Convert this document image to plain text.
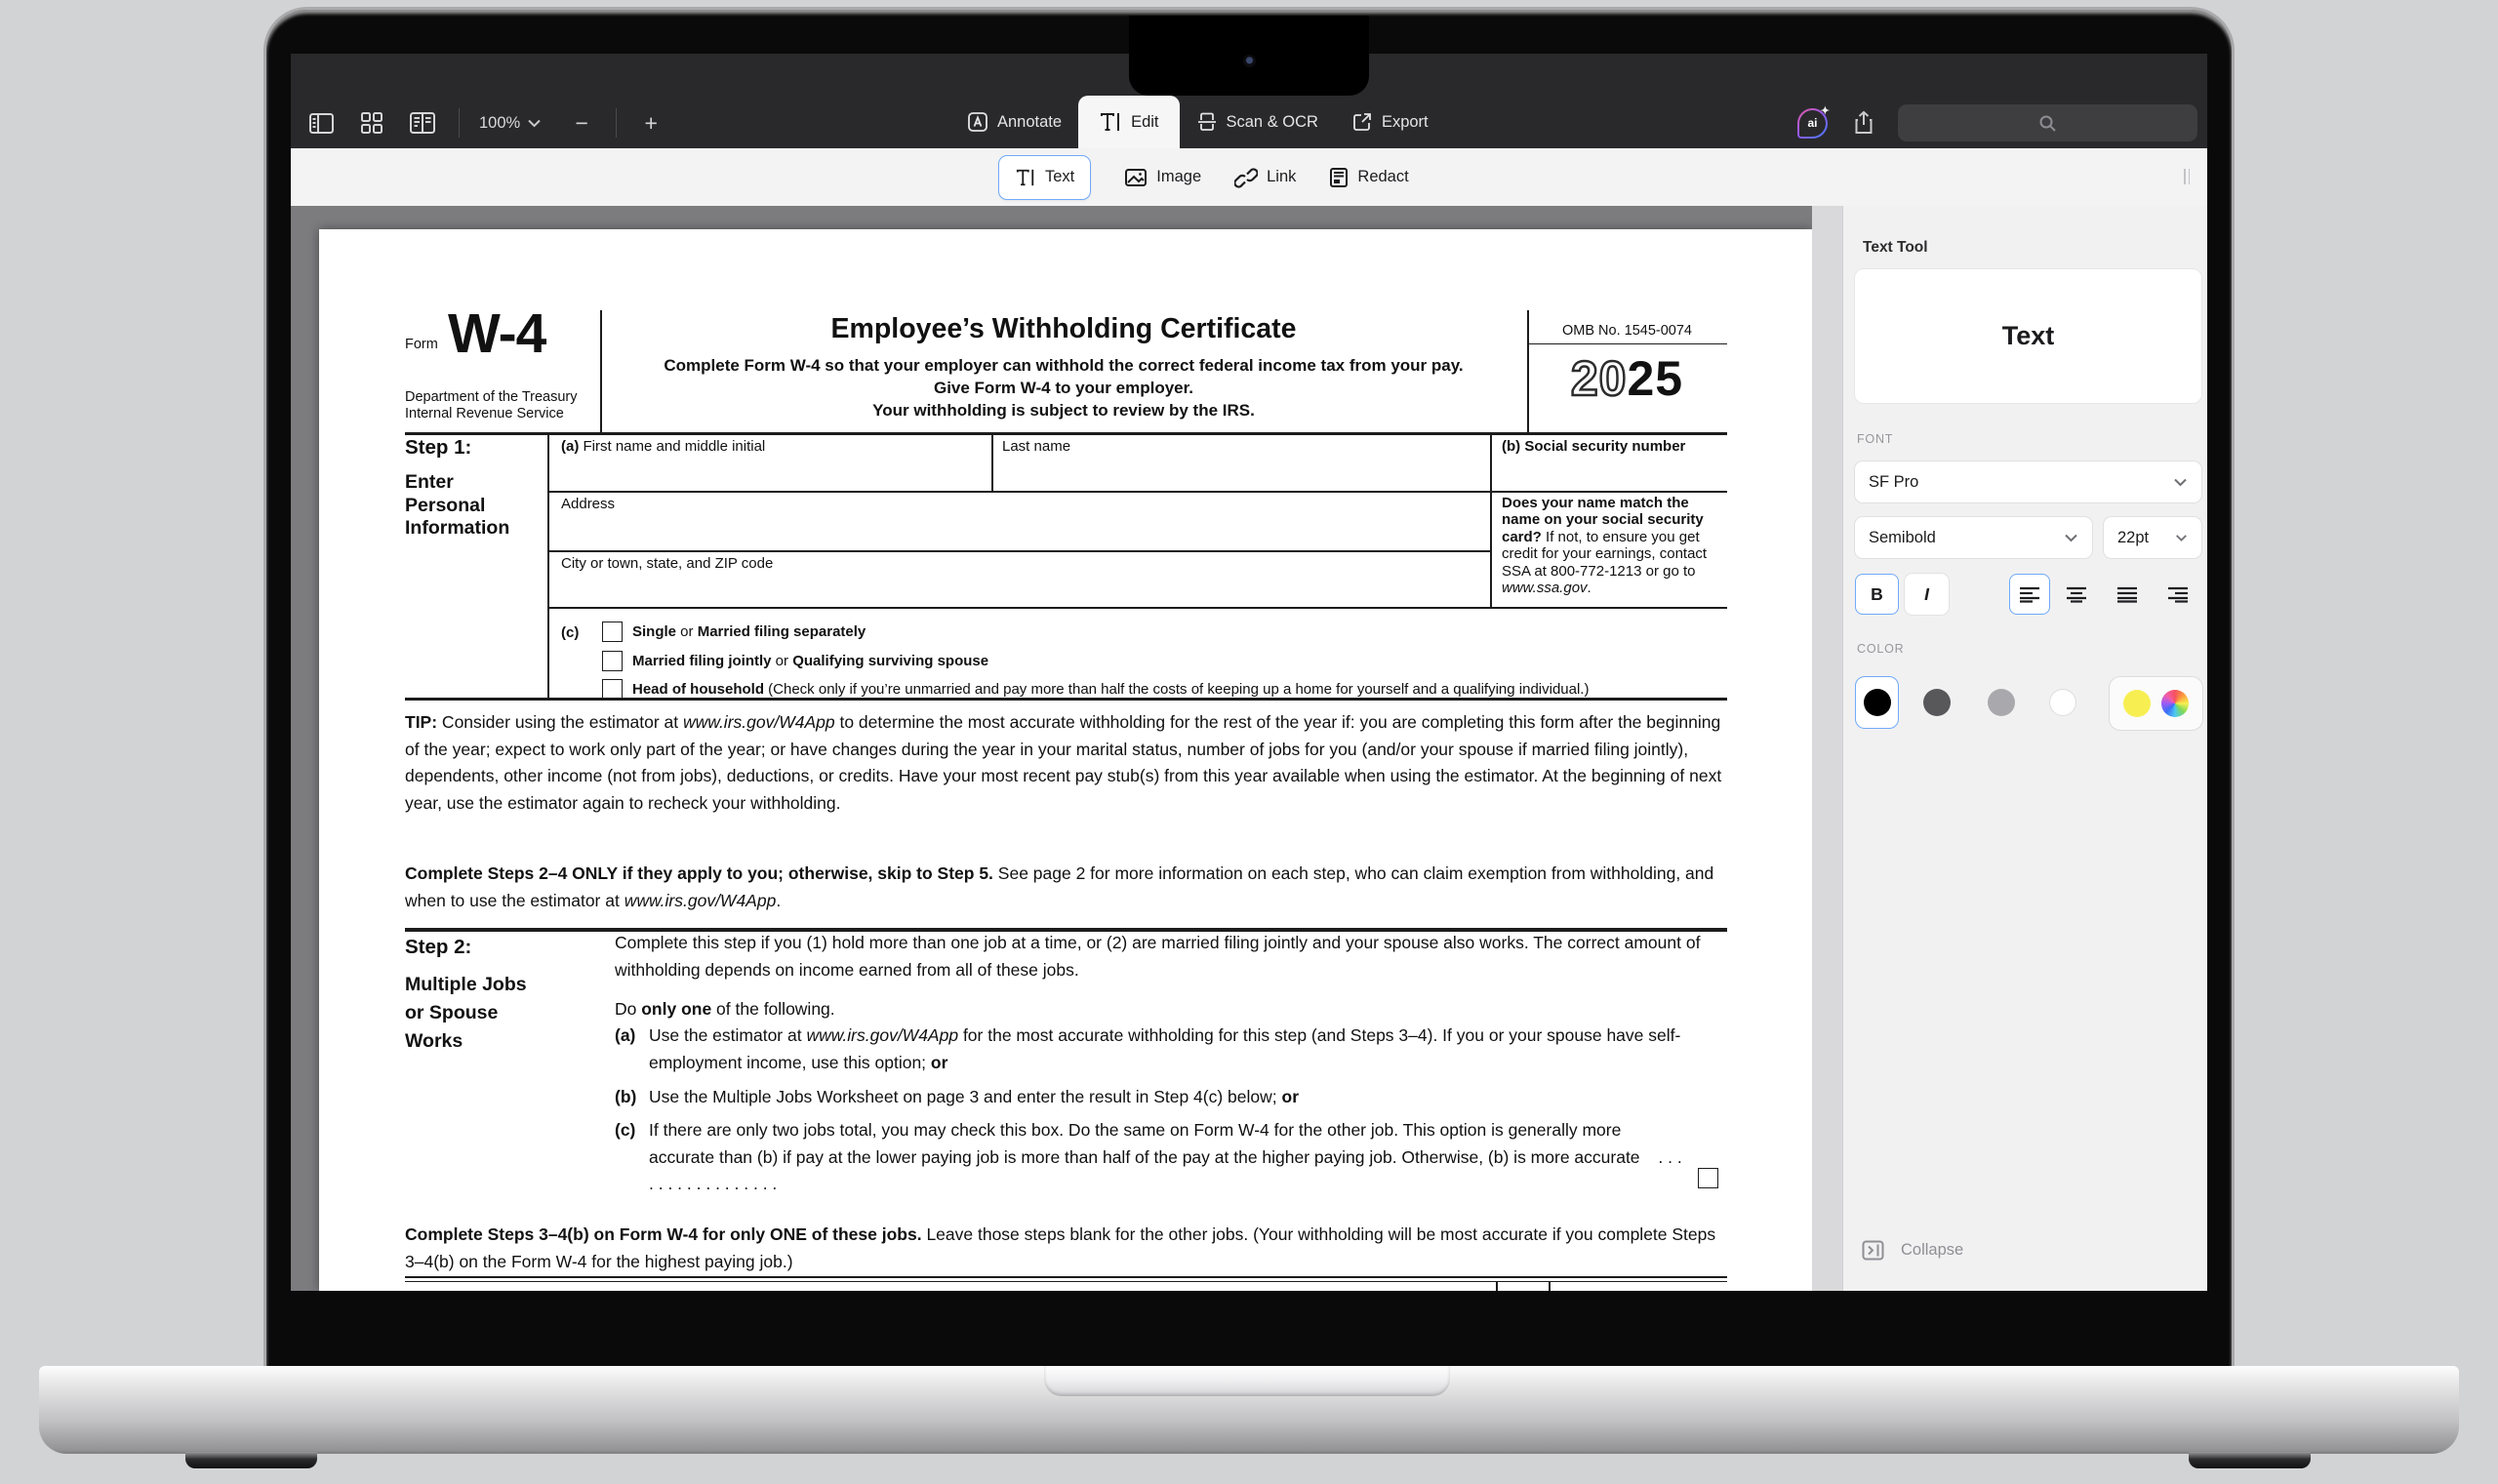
100%	−	+	Annotate	Edit	Scan & OCR	Export	ai
✦
Text	Image	Link	Redact
Form W-4
Department of the Treasury
Internal Revenue Service
Employee’s Withholding Certificate
Complete Form W-4 so that your employer can withhold the correct federal income tax from your pay.
Give Form W-4 to your employer.
Your withholding is subject to review by the IRS.
OMB No. 1545-0074
2025
Step 1:
Enter
Personal
Information
(a) First name and middle initial	Last name	(b) Social security number
Address
City or town, state, and ZIP code
Does your name match the name on your social security card? If not, to ensure you get credit for your earnings, contact SSA at 800-772-1213 or go to www.ssa.gov.
(c)	Single or Married filing separately
Married filing jointly or Qualifying surviving spouse
Head of household (Check only if you’re unmarried and pay more than half the costs of keeping up a home for yourself and a qualifying individual.)
TIP: Consider using the estimator at www.irs.gov/W4App to determine the most accurate withholding for the rest of the year if: you are completing this form after the beginning of the year; expect to work only part of the year; or have changes during the year in your marital status, number of jobs for you (and/or your spouse if married filing jointly), dependents, other income (not from jobs), deductions, or credits. Have your most recent pay stub(s) from this year available when using the estimator. At the beginning of next year, use the estimator again to recheck your withholding.
Complete Steps 2–4 ONLY if they apply to you; otherwise, skip to Step 5. See page 2 for more information on each step, who can claim exemption from withholding, and when to use the estimator at www.irs.gov/W4App.
Step 2:
Multiple Jobs
or Spouse
Works
Complete this step if you (1) hold more than one job at a time, or (2) are married filing jointly and your spouse also works. The correct amount of withholding depends on income earned from all of these jobs.
Do only one of the following.
(a) Use the estimator at www.irs.gov/W4App for the most accurate withholding for this step (and Steps 3–4). If you or your spouse have self-employment income, use this option; or
(b) Use the Multiple Jobs Worksheet on page 3 and enter the result in Step 4(c) below; or
(c) If there are only two jobs total, you may check this box. Do the same on Form W-4 for the other job. This option is generally more accurate than (b) if pay at the lower paying job is more than half of the pay at the higher paying job. Otherwise, (b) is more accurate . . . . . . . . . . . . . . . . .
Complete Steps 3–4(b) on Form W-4 for only ONE of these jobs. Leave those steps blank for the other jobs. (Your withholding will be most accurate if you complete Steps 3–4(b) on the Form W-4 for the highest paying job.)
Text Tool
Text
FONT
SF Pro
Semibold	22pt
B I
COLOR
Collapse
